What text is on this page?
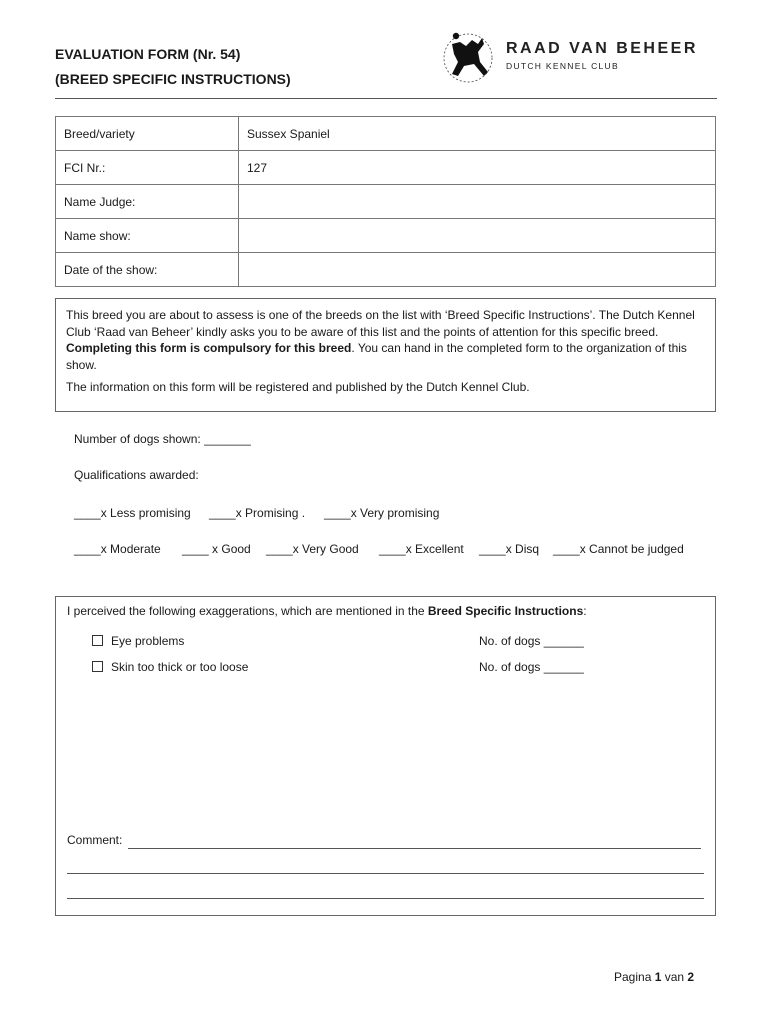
EVALUATION FORM (Nr. 54)
(BREED SPECIFIC INSTRUCTIONS)
RAAD VAN BEHEER
DUTCH KENNEL CLUB
Breed/variety	Sussex Spaniel
FCI Nr.:	127
Name Judge:	
Name show:	
Date of the show:	

This breed you are about to assess is one of the breeds on the list with ‘Breed Specific Instructions’. The Dutch Kennel Club ‘Raad van Beheer’ kindly asks you to be aware of this list and the points of attention for this specific breed. Completing this form is compulsory for this breed. You can hand in the completed form to the organization of this show.

The information on this form will be registered and published by the Dutch Kennel Club.

Number of dogs shown: _______
Qualifications awarded:
____x Less promising ____x Promising . ____x Very promising
____x Moderate ____ x Good ____x Very Good ____x Excellent ____x Disq ____x Cannot be judged
I perceived the following exaggerations, which are mentioned in the Breed Specific Instructions:
Eye problems	No. of dogs ______
Skin too thick or too loose	No. of dogs ______
Comment:
Pagina 1 van 2
